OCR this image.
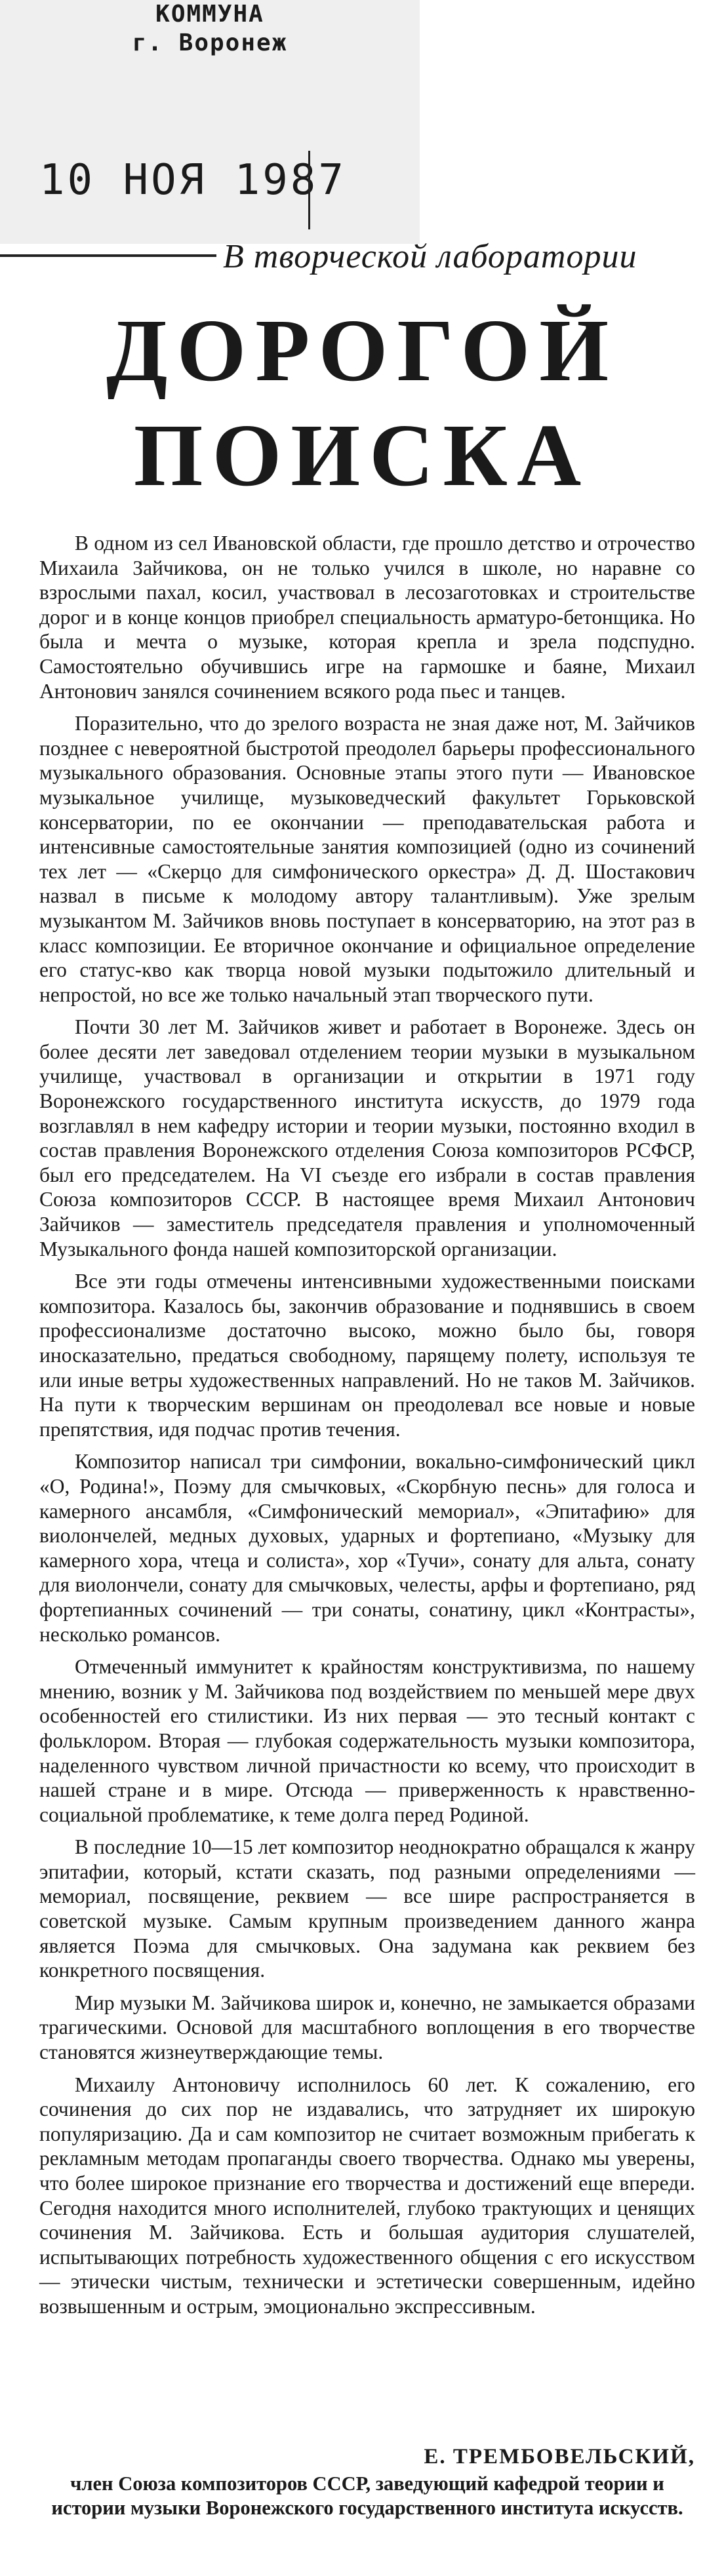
КОММУНА
г. Воронеж
10 НОЯ 1987
В творческой лаборатории
ДОРОГОЙ
ПОИСКА

В одном из сел Ивановской области, где прошло детство и отрочество Михаила Зайчикова, он не только учился в школе, но наравне со взрослыми пахал, косил, участвовал в лесозаготовках и строительстве дорог и в конце концов приобрел специальность арматуро-бетонщика. Но была и мечта о музыке, которая крепла и зрела подспудно. Самостоятельно обучившись игре на гармошке и баяне, Михаил Антонович занялся сочинением всякого рода пьес и танцев.

Поразительно, что до зрелого возраста не зная даже нот, М. Зайчиков позднее с невероятной быстротой преодолел барьеры профессионального музыкального образования. Основные этапы этого пути — Ивановское музыкальное училище, музыковедческий факультет Горьковской консерватории, по ее окончании — преподавательская работа и интенсивные самостоятельные занятия композицией (одно из сочинений тех лет — «Скерцо для симфонического оркестра» Д. Д. Шостакович назвал в письме к молодому автору талантливым). Уже зрелым музыкантом М. Зайчиков вновь поступает в консерваторию, на этот раз в класс композиции. Ее вторичное окончание и официальное определение его статус-кво как творца новой музыки подытожило длительный и непростой, но все же только начальный этап творческого пути.

Почти 30 лет М. Зайчиков живет и работает в Воронеже. Здесь он более десяти лет заведовал отделением теории музыки в музыкальном училище, участвовал в организации и открытии в 1971 году Воронежского государственного института искусств, до 1979 года возглавлял в нем кафедру истории и теории музыки, постоянно входил в состав правления Воронежского отделения Союза композиторов РСФСР, был его председателем. На VI съезде его избрали в состав правления Союза композиторов СССР. В настоящее время Михаил Антонович Зайчиков — заместитель председателя правления и уполномоченный Музыкального фонда нашей композиторской организации.

Все эти годы отмечены интенсивными художественными поисками композитора. Казалось бы, закончив образование и поднявшись в своем профессионализме достаточно высоко, можно было бы, говоря иносказательно, предаться свободному, парящему полету, используя те или иные ветры художественных направлений. Но не таков М. Зайчиков. На пути к творческим вершинам он преодолевал все новые и новые препятствия, идя подчас против течения.

Композитор написал три симфонии, вокально-симфонический цикл «О, Родина!», Поэму для смычковых, «Скорбную песнь» для голоса и камерного ансамбля, «Симфонический мемориал», «Эпитафию» для виолончелей, медных духовых, ударных и фортепиано, «Музыку для камерного хора, чтеца и солиста», хор «Тучи», сонату для альта, сонату для виолончели, сонату для смычковых, челесты, арфы и фортепиано, ряд фортепианных сочинений — три сонаты, сонатину, цикл «Контрасты», несколько романсов.

Отмеченный иммунитет к крайностям конструктивизма, по нашему мнению, возник у М. Зайчикова под воздействием по меньшей мере двух особенностей его стилистики. Из них первая — это тесный контакт с фольклором. Вторая — глубокая содержательность музыки композитора, наделенного чувством личной причастности ко всему, что происходит в нашей стране и в мире. Отсюда — приверженность к нравственно-социальной проблематике, к теме долга перед Родиной.

В последние 10—15 лет композитор неоднократно обращался к жанру эпитафии, который, кстати сказать, под разными определениями — мемориал, посвящение, реквием — все шире распространяется в советской музыке. Самым крупным произведением данного жанра является Поэма для смычковых. Она задумана как реквием без конкретного посвящения.

Мир музыки М. Зайчикова широк и, конечно, не замыкается образами трагическими. Основой для масштабного воплощения в его творчестве становятся жизнеутверждающие темы.

Михаилу Антоновичу исполнилось 60 лет. К сожалению, его сочинения до сих пор не издавались, что затрудняет их широкую популяризацию. Да и сам композитор не считает возможным прибегать к рекламным методам пропаганды своего творчества. Однако мы уверены, что более широкое признание его творчества и достижений еще впереди. Сегодня находится много исполнителей, глубоко трактующих и ценящих сочинения М. Зайчикова. Есть и большая аудитория слушателей, испытывающих потребность художественного общения с его искусством — этически чистым, технически и эстетически совершенным, идейно возвышенным и острым, эмоционально экспрессивным.

Е. ТРЕМБОВЕЛЬСКИЙ,
член Союза композиторов СССР, заведующий кафедрой теории и истории музыки Воронежского государственного института искусств.
